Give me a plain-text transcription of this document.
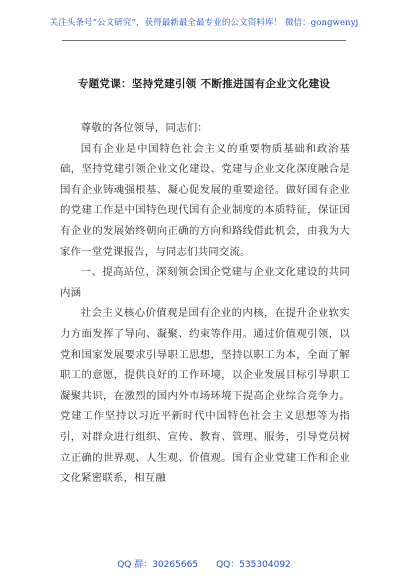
关注头条号“公文研究”，获得最新最全最专业的公文资料库！ 微信：gongwenyj
专题党课：坚持党建引领 不断推进国有企业文化建设

尊敬的各位领导，同志们：

国有企业是中国特色社会主义的重要物质基础和政治基础，坚持党建引领企业文化建设、党建与企业文化深度融合是国有企业铸魂强根基、凝心促发展的重要途径。做好国有企业的党建工作是中国特色现代国有企业制度的本质特征，保证国有企业的发展始终朝向正确的方向和路线借此机会，由我为大家作一堂党课报告，与同志们共同交流。

一、提高站位，深刻领会国企党建与企业文化建设的共同内涵

社会主义核心价值观是国有企业的内核，在提升企业软实力方面发挥了导向、凝聚、约束等作用。通过价值观引领，以党和国家发展要求引导职工思想，坚持以职工为本，全面了解职工的意愿，提供良好的工作环境，以企业发展目标引导职工凝聚共识，在激烈的国内外市场环境下提高企业综合竞争力。党建工作坚持以习近平新时代中国特色社会主义思想等为指引，对群众进行组织、宣传、教育、管理、服务，引导党员树立正确的世界观、人生观、价值观。国有企业党建工作和企业文化紧密联系，相互融

QQ 群：30265665 QQ：535304092
